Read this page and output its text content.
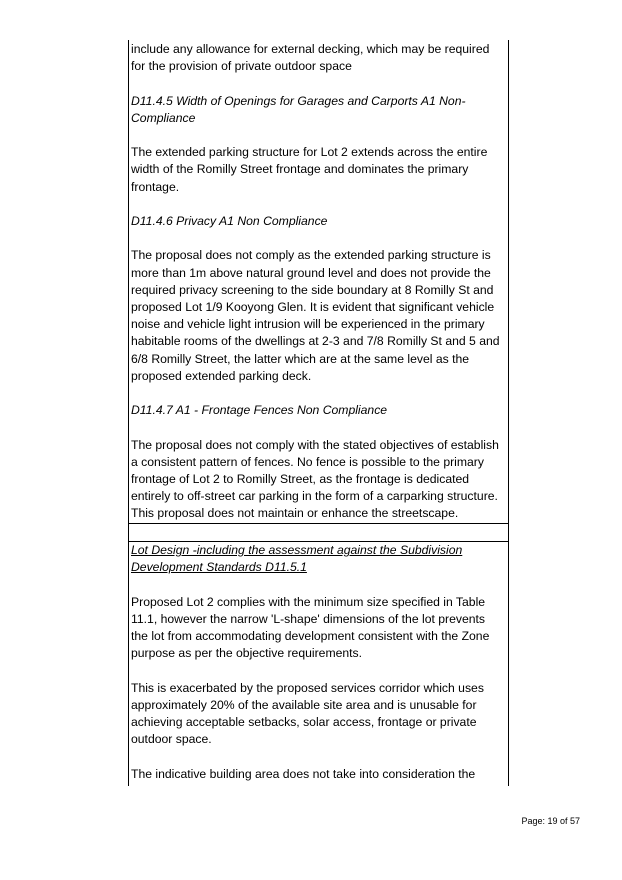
include any allowance for external decking, which may be required for the provision of private outdoor space

D11.4.5 Width of Openings for Garages and Carports A1 Non-Compliance

The extended parking structure for Lot 2 extends across the entire width of the Romilly Street frontage and dominates the primary frontage.

D11.4.6 Privacy A1 Non Compliance

The proposal does not comply as the extended parking structure is more than 1m above natural ground level and does not provide the required privacy screening to the side boundary at 8 Romilly St and proposed Lot 1/9 Kooyong Glen. It is evident that significant vehicle noise and vehicle light intrusion will be experienced in the primary habitable rooms of the dwellings at 2-3 and 7/8 Romilly St and 5 and 6/8 Romilly Street, the latter which are at the same level as the proposed extended parking deck.

D11.4.7 A1 - Frontage Fences Non Compliance

The proposal does not comply with the stated objectives of establish a consistent pattern of fences. No fence is possible to the primary frontage of Lot 2 to Romilly Street, as the frontage is dedicated entirely to off-street car parking in the form of a carparking structure. This proposal does not maintain or enhance the streetscape.

Lot Design -including the assessment against the Subdivision Development Standards D11.5.1

Proposed Lot 2 complies with the minimum size specified in Table 11.1, however the narrow 'L-shape' dimensions of the lot prevents the lot from accommodating development consistent with the Zone purpose as per the objective requirements.

This is exacerbated by the proposed services corridor which uses approximately 20% of the available site area and is unusable for achieving acceptable setbacks, solar access, frontage or private outdoor space.

The indicative building area does not take into consideration the

Page: 19 of 57
